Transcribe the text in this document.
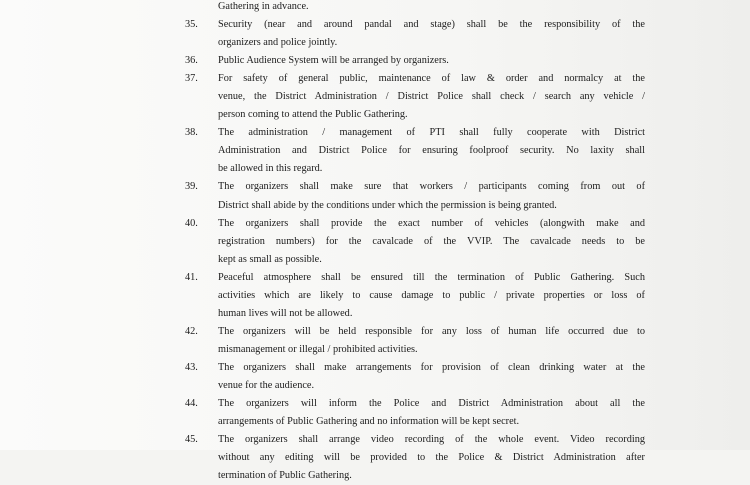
Gathering in advance.
35.	Security (near and around pandal and stage) shall be the responsibility of the
organizers and police jointly.
36.	Public Audience System will be arranged by organizers.
37.	For safety of general public, maintenance of law & order and normalcy at the
venue, the District Administration / District Police shall check / search any vehicle /
person coming to attend the Public Gathering.
38.	The administration / management of PTI shall fully cooperate with District
Administration and District Police for ensuring foolproof security. No laxity shall
be allowed in this regard.
39.	The organizers shall make sure that workers / participants coming from out of
District shall abide by the conditions under which the permission is being granted.
40.	The organizers shall provide the exact number of vehicles (alongwith make and
registration numbers) for the cavalcade of the VVIP. The cavalcade needs to be
kept as small as possible.
41.	Peaceful atmosphere shall be ensured till the termination of Public Gathering. Such
activities which are likely to cause damage to public / private properties or loss of
human lives will not be allowed.
42.	The organizers will be held responsible for any loss of human life occurred due to
mismanagement or illegal / prohibited activities.
43.	The organizers shall make arrangements for provision of clean drinking water at the
venue for the audience.
44.	The organizers will inform the Police and District Administration about all the
arrangements of Public Gathering and no information will be kept secret.
45.	The organizers shall arrange video recording of the whole event. Video recording
without any editing will be provided to the Police & District Administration after
termination of Public Gathering.
